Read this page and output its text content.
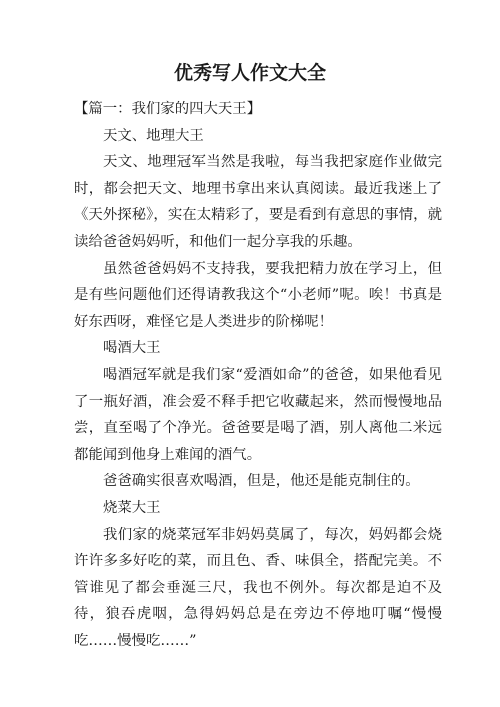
优秀写人作文大全

【篇一：我们家的四大天王】

天文、地理大王

天文、地理冠军当然是我啦，每当我把家庭作业做完时，都会把天文、地理书拿出来认真阅读。最近我迷上了《天外探秘》，实在太精彩了，要是看到有意思的事情，就读给爸爸妈妈听，和他们一起分享我的乐趣。

虽然爸爸妈妈不支持我，要我把精力放在学习上，但是有些问题他们还得请教我这个“小老师”呢。唉！书真是好东西呀，难怪它是人类进步的阶梯呢！

喝酒大王

喝酒冠军就是我们家“爱酒如命”的爸爸，如果他看见了一瓶好酒，准会爱不释手把它收藏起来，然而慢慢地品尝，直至喝了个净光。爸爸要是喝了酒，别人离他二米远都能闻到他身上难闻的酒气。

爸爸确实很喜欢喝酒，但是，他还是能克制住的。

烧菜大王

我们家的烧菜冠军非妈妈莫属了，每次，妈妈都会烧许许多多好吃的菜，而且色、香、味俱全，搭配完美。不管谁见了都会垂涎三尺，我也不例外。每次都是迫不及待，狼吞虎咽，急得妈妈总是在旁边不停地叮嘱“慢慢吃……慢慢吃……”
